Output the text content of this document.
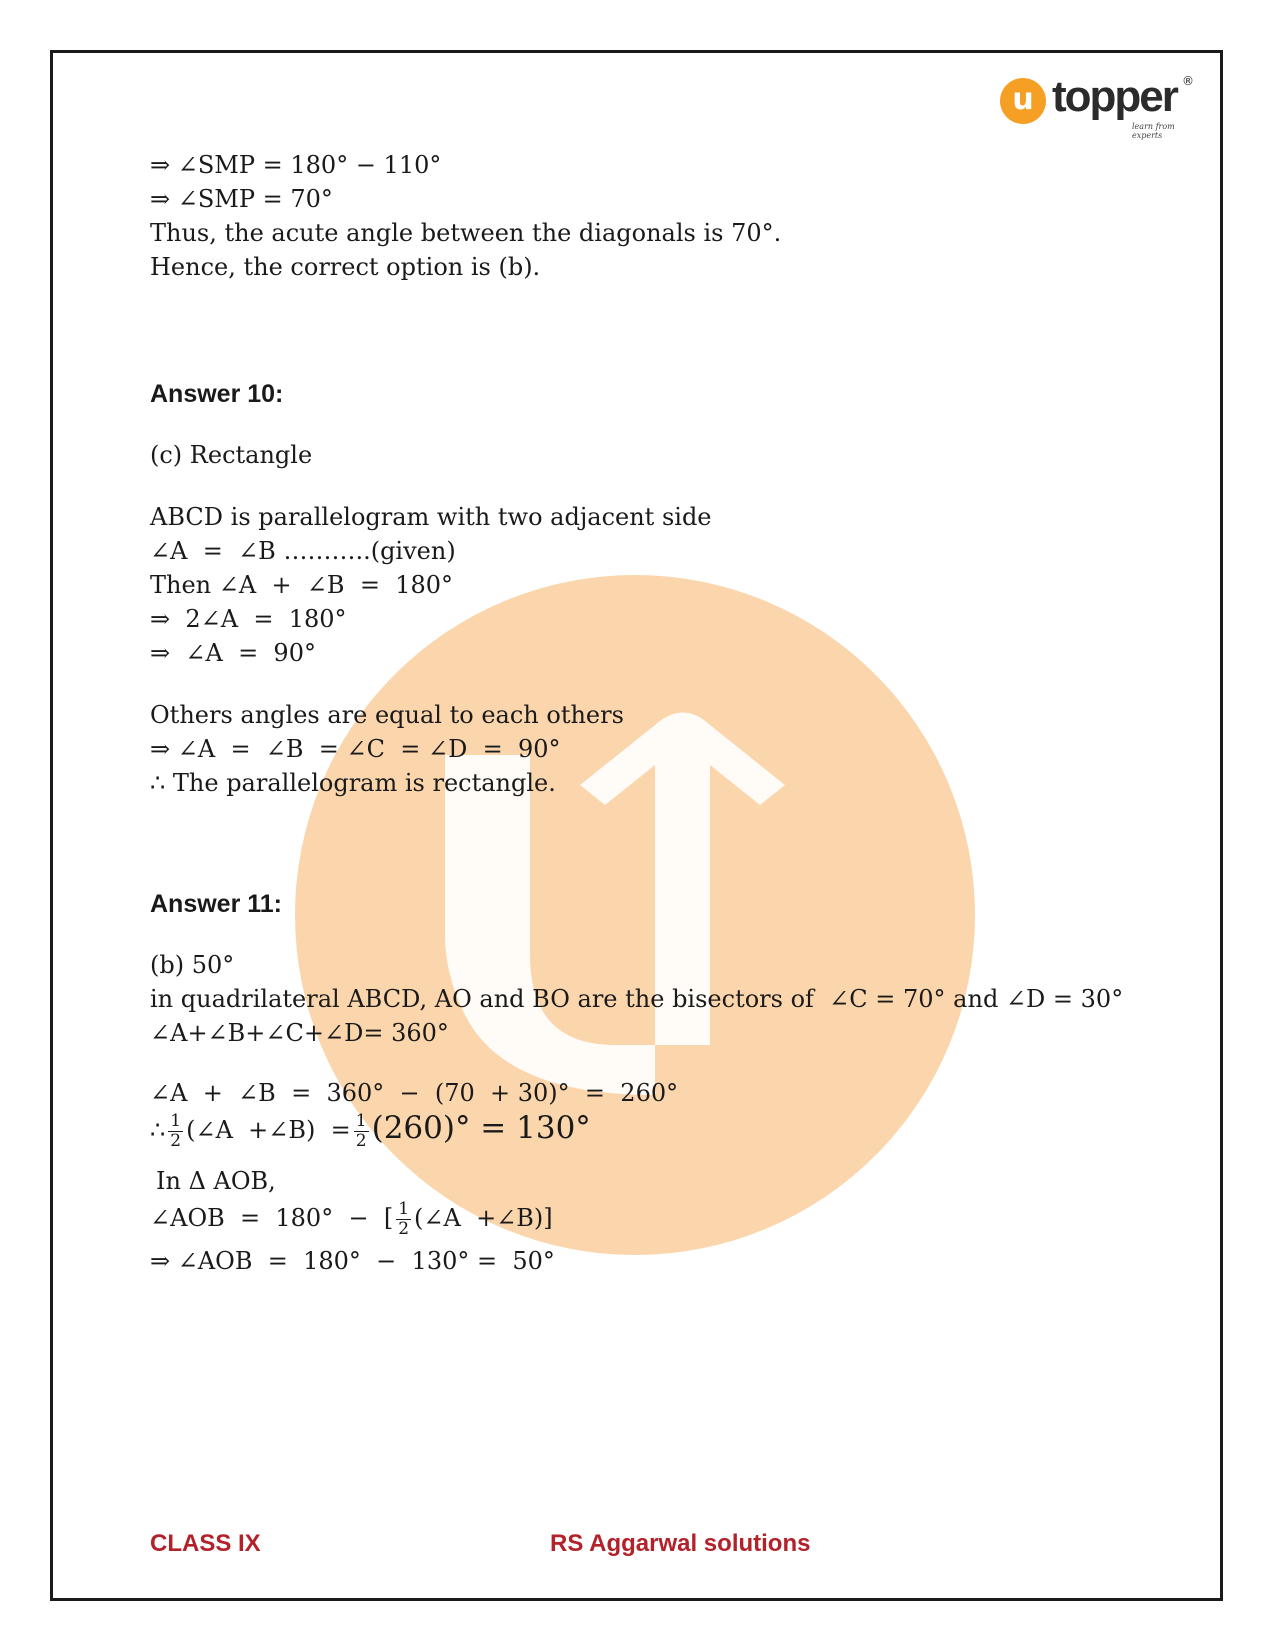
u topper ®
learn from experts
⇒ ∠SMP = 180° − 110°
⇒ ∠SMP = 70°
Thus, the acute angle between the diagonals is 70°.
Hence, the correct option is (b).
Answer 10:
(c) Rectangle
ABCD is parallelogram with two adjacent side
∠A  =  ∠B ………..(given)
Then ∠A  +  ∠B  =  180°
⇒  2∠A  =  180°
⇒  ∠A  =  90°
Others angles are equal to each others
⇒ ∠A  =  ∠B  = ∠C  = ∠D  =  90°
∴ The parallelogram is rectangle.
Answer 11:
(b) 50°
in quadrilateral ABCD, AO and BO are the bisectors of  ∠C = 70° and ∠D = 30°
∠A+∠B+∠C+∠D= 360°
∠A  +  ∠B  =  360°  −  (70  + 30)°  =  260°
∴ $\frac{1}{2}$ (∠A  +∠B)  = $\frac{1}{2} (260)^\circ = 130^\circ$
In Δ AOB,
∠AOB  =  180°  −  [ $\frac{1}{2}$ (∠A  +∠B)]
⇒ ∠AOB  =  180°  −  130° =  50°
CLASS IX	RS Aggarwal solutions
